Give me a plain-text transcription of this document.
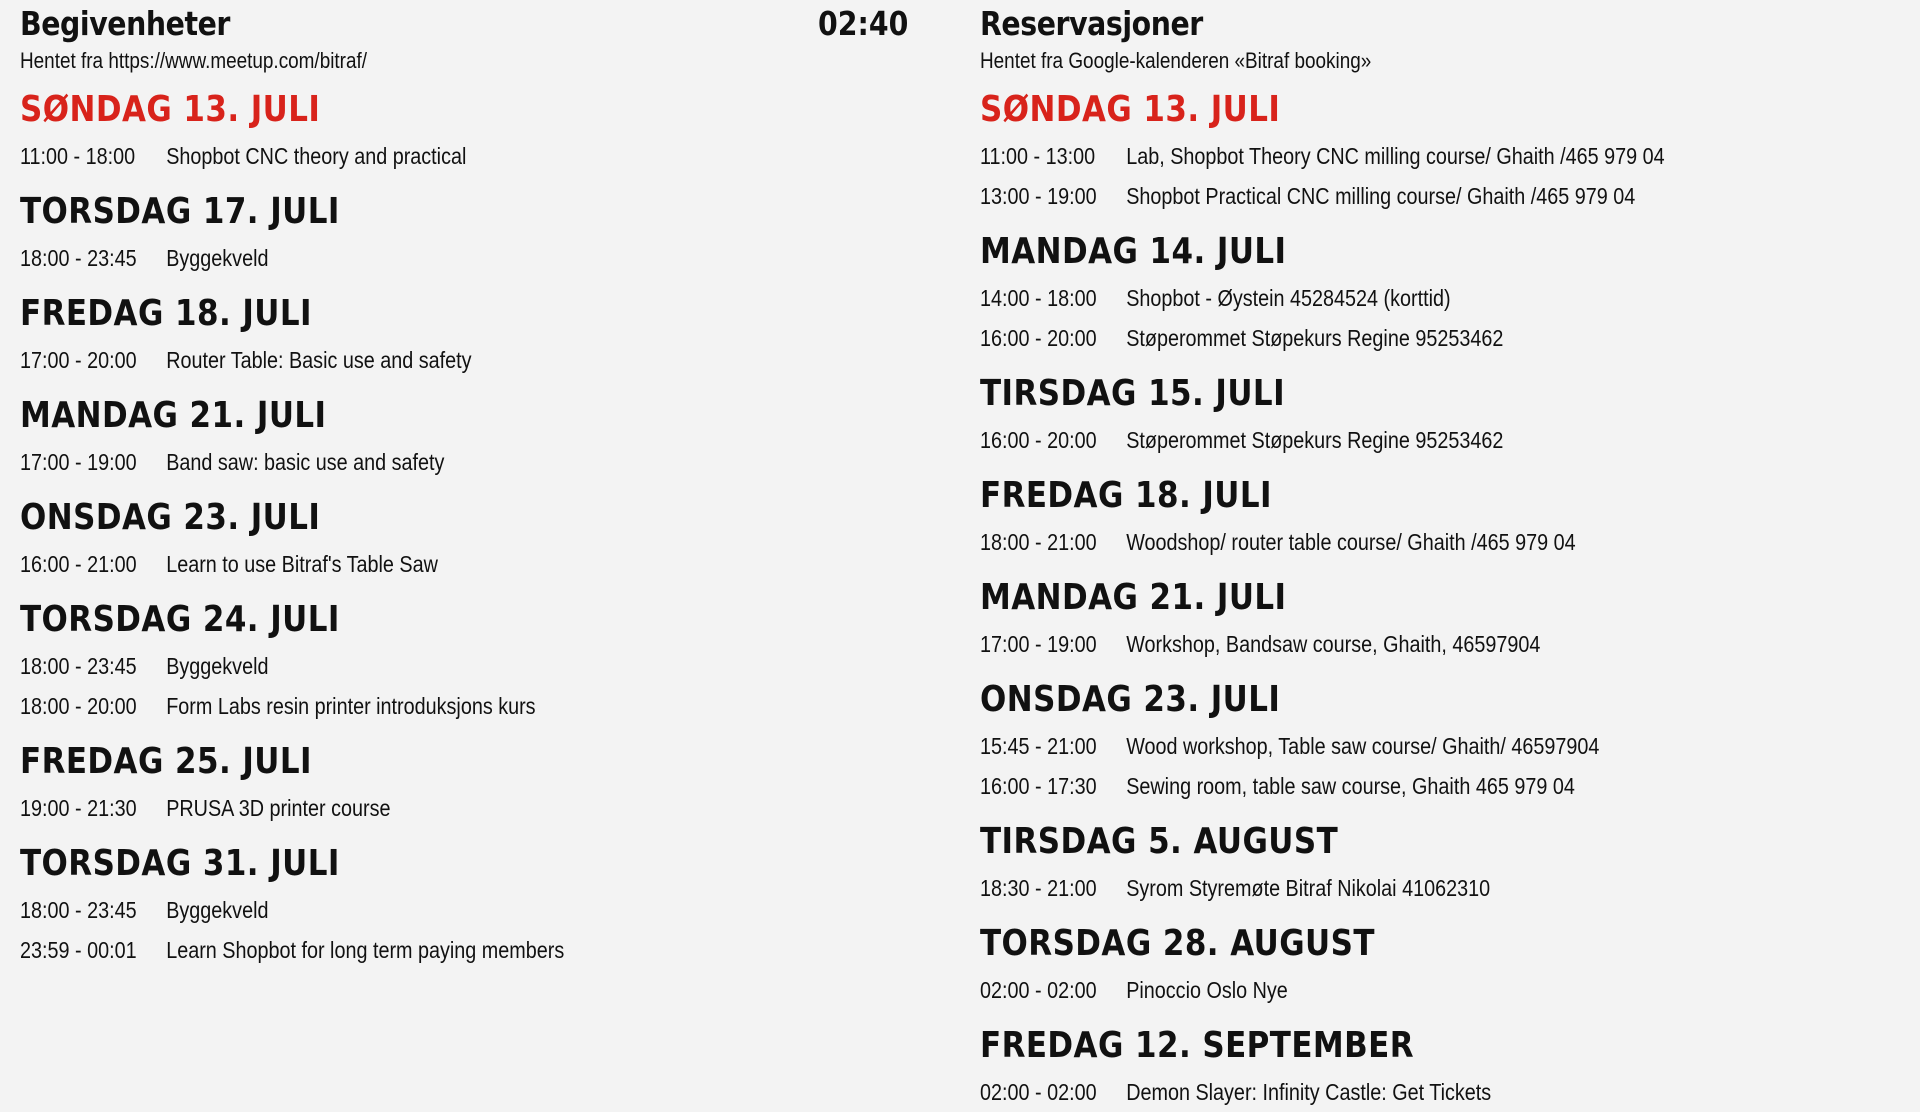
Begivenheter
Hentet fra https://www.meetup.com/bitraf/
SØNDAG 13. JULI
11:00 - 18:00	Shopbot CNC theory and practical
TORSDAG 17. JULI
18:00 - 23:45	Byggekveld
FREDAG 18. JULI
17:00 - 20:00	Router Table: Basic use and safety
MANDAG 21. JULI
17:00 - 19:00	Band saw: basic use and safety
ONSDAG 23. JULI
16:00 - 21:00	Learn to use Bitraf's Table Saw
TORSDAG 24. JULI
18:00 - 23:45	Byggekveld
18:00 - 20:00	Form Labs resin printer introduksjons kurs
FREDAG 25. JULI
19:00 - 21:30	PRUSA 3D printer course
TORSDAG 31. JULI
18:00 - 23:45	Byggekveld
23:59 - 00:01	Learn Shopbot for long term paying members
02:40 Reservasjoner
Hentet fra Google-kalenderen «Bitraf booking»
SØNDAG 13. JULI
11:00 - 13:00	Lab, Shopbot Theory CNC milling course/ Ghaith /465 979 04
13:00 - 19:00	Shopbot Practical CNC milling course/ Ghaith /465 979 04
MANDAG 14. JULI
14:00 - 18:00	Shopbot - Øystein 45284524 (korttid)
16:00 - 20:00	Støperommet Støpekurs Regine 95253462
TIRSDAG 15. JULI
16:00 - 20:00	Støperommet Støpekurs Regine 95253462
FREDAG 18. JULI
18:00 - 21:00	Woodshop/ router table course/ Ghaith /465 979 04
MANDAG 21. JULI
17:00 - 19:00	Workshop, Bandsaw course, Ghaith, 46597904
ONSDAG 23. JULI
15:45 - 21:00	Wood workshop, Table saw course/ Ghaith/ 46597904
16:00 - 17:30	Sewing room, table saw course, Ghaith 465 979 04
TIRSDAG 5. AUGUST
18:30 - 21:00	Syrom Styremøte Bitraf Nikolai 41062310
TORSDAG 28. AUGUST
02:00 - 02:00	Pinoccio Oslo Nye
FREDAG 12. SEPTEMBER
02:00 - 02:00	Demon Slayer: Infinity Castle: Get Tickets
